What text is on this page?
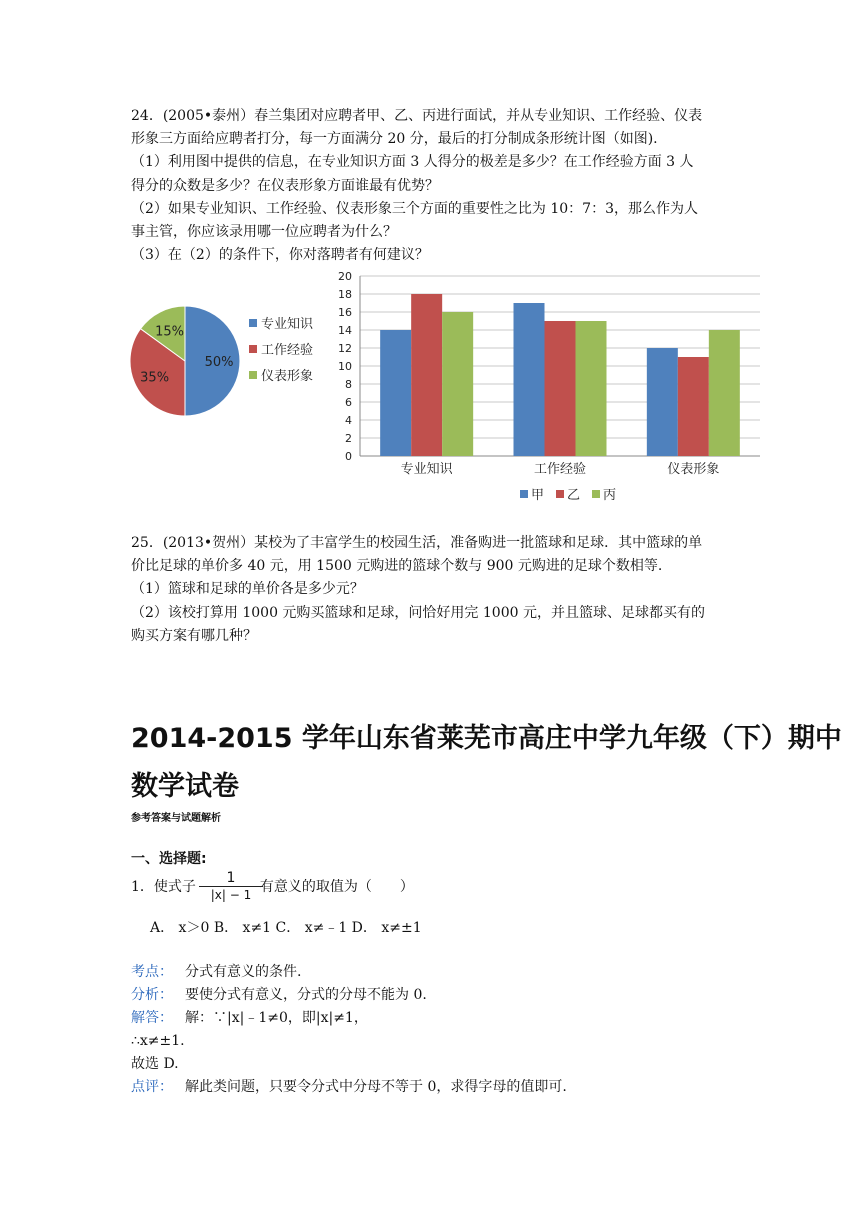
24．(2005•泰州）春兰集团对应聘者甲、乙、丙进行面试，并从专业知识、工作经验、仪表
形象三方面给应聘者打分，每一方面满分 20 分，最后的打分制成条形统计图（如图).
（1）利用图中提供的信息，在专业知识方面 3 人得分的极差是多少？在工作经验方面 3 人
得分的众数是多少？在仪表形象方面谁最有优势？
（2）如果专业知识、工作经验、仪表形象三个方面的重要性之比为 10：7：3，那么作为人
事主管，你应该录用哪一位应聘者为什么？
（3）在（2）的条件下，你对落聘者有何建议？
50%
35%
15%
专业知识
工作经验
仪表形象
0
2
4
6
8
10
12
14
16
18
20
专业知识	工作经验	仪表形象
甲 乙 丙
25．(2013•贺州）某校为了丰富学生的校园生活，准备购进一批篮球和足球．其中篮球的单
价比足球的单价多 40 元，用 1500 元购进的篮球个数与 900 元购进的足球个数相等.
（1）篮球和足球的单价各是多少元？
（2）该校打算用 1000 元购买篮球和足球，问恰好用完 1000 元，并且篮球、足球都买有的
购买方案有哪几种？
2014-2015 学年山东省莱芜市高庄中学九年级（下）期中
数学试卷
参考答案与试题解析
一、选择题:
1．使式子	有意义的取值为（　　）
$\frac{1}{|x| - 1}$
A． x＞0 B． x≠1 C． x≠﹣1 D． x≠±1
考点： 分式有意义的条件.
分析： 要使分式有意义，分式的分母不能为 0.
解答： 解：∵|x|﹣1≠0，即|x|≠1，
∴x≠±1.
故选 D.
点评： 解此类问题，只要令分式中分母不等于 0，求得字母的值即可.
